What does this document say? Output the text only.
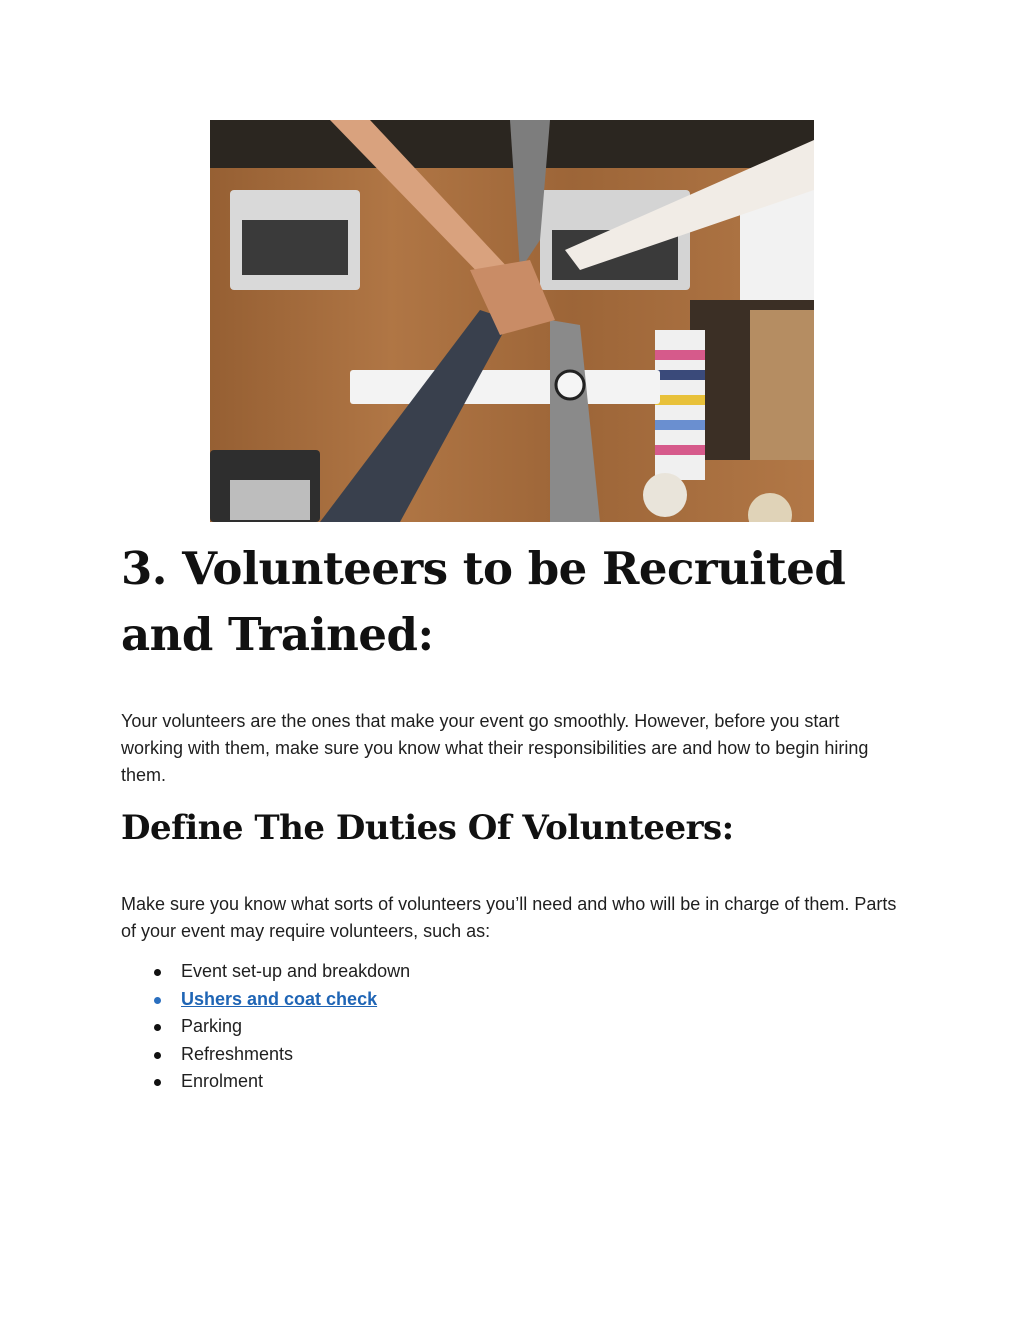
3. Volunteers to be Recruited and Trained:

Your volunteers are the ones that make your event go smoothly. However, before you start working with them, make sure you know what their responsibilities are and how to begin hiring them.

Define The Duties Of Volunteers:

Make sure you know what sorts of volunteers you’ll need and who will be in charge of them. Parts of your event may require volunteers, such as:

Event set-up and breakdown
Ushers and coat check
Parking
Refreshments
Enrolment
